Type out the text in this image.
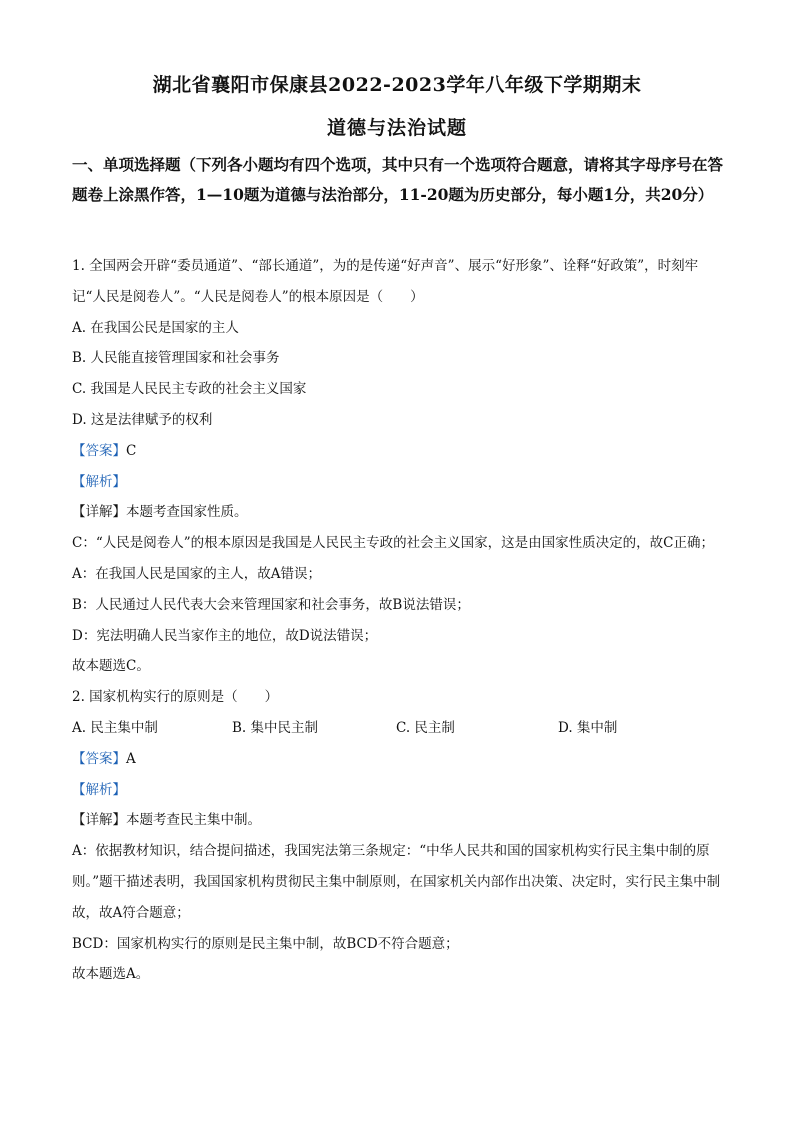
湖北省襄阳市保康县2022-2023学年八年级下学期期末
道德与法治试题
一、单项选择题（下列各小题均有四个选项，其中只有一个选项符合题意，请将其字母序号在答题卷上涂黑作答，1—10题为道德与法治部分，11-20题为历史部分，每小题1分，共20分）

1. 全国两会开辟“委员通道”、“部长通道”，为的是传递“好声音”、展示“好形象”、诠释“好政策”，时刻牢记“人民是阅卷人”。“人民是阅卷人”的根本原因是（　　）

A. 在我国公民是国家的主人

B. 人民能直接管理国家和社会事务

C. 我国是人民民主专政的社会主义国家

D. 这是法律赋予的权利

【答案】C

【解析】

【详解】本题考查国家性质。

C：“人民是阅卷人”的根本原因是我国是人民民主专政的社会主义国家，这是由国家性质决定的，故C正确；

A：在我国人民是国家的主人，故A错误；

B：人民通过人民代表大会来管理国家和社会事务，故B说法错误；

D：宪法明确人民当家作主的地位，故D说法错误；

故本题选C。

2. 国家机构实行的原则是（　　）

A. 民主集中制	B. 集中民主制	C. 民主制	D. 集中制

【答案】A

【解析】

【详解】本题考查民主集中制。

A：依据教材知识，结合提问描述，我国宪法第三条规定：“中华人民共和国的国家机构实行民主集中制的原则。”题干描述表明，我国国家机构贯彻民主集中制原则，在国家机关内部作出决策、决定时，实行民主集中制故，故A符合题意；

BCD：国家机构实行的原则是民主集中制，故BCD不符合题意；

故本题选A。
